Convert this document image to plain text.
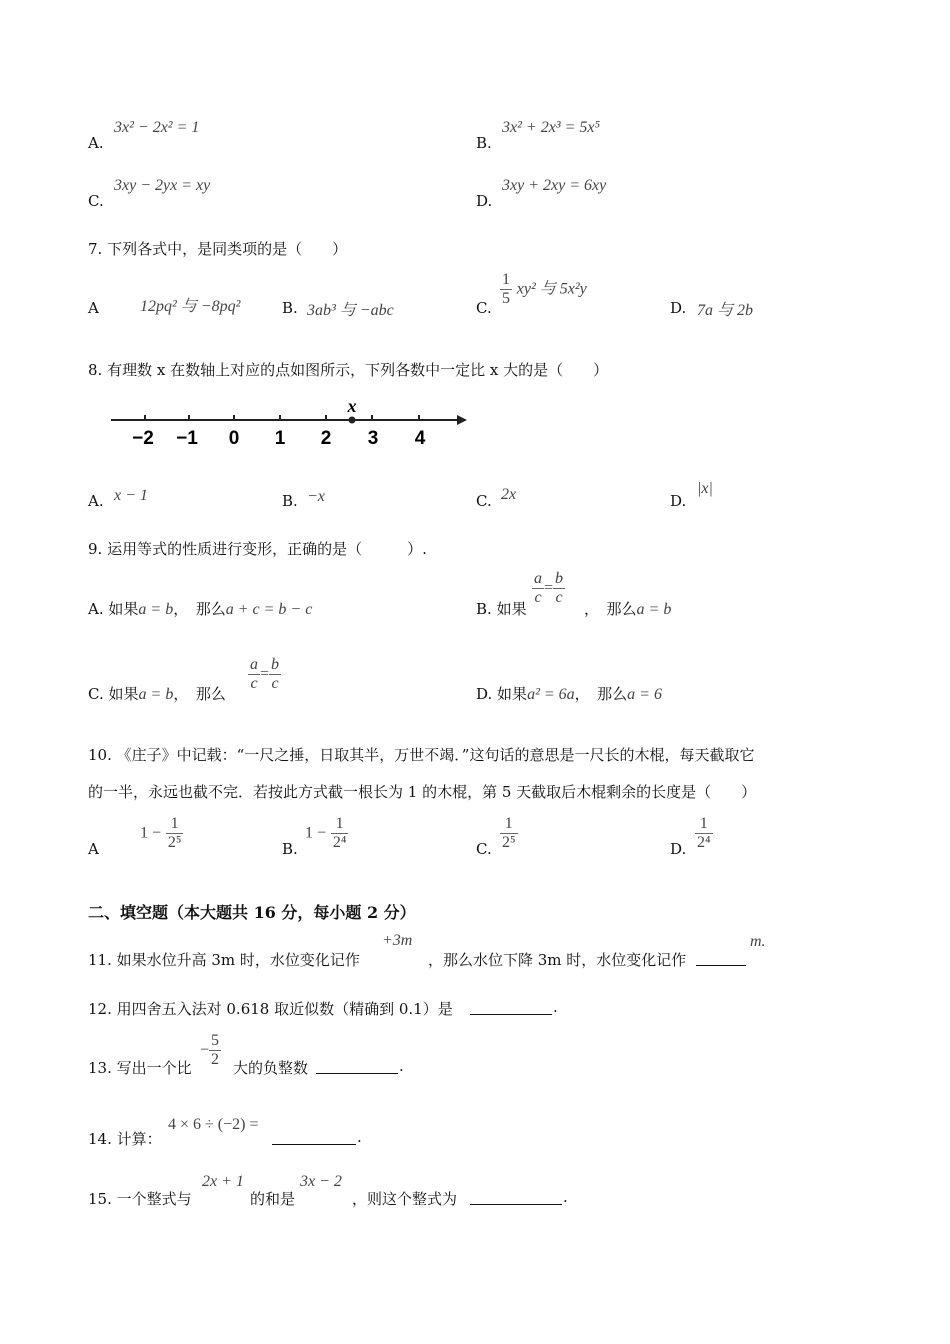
A.
3x² − 2x² = 1
B.
3x² + 2x³ = 5x⁵
C.
3xy − 2yx = xy
D.
3xy + 2xy = 6xy
7. 下列各式中，是同类项的是（　　）
A	12pq² 与 −8pq²	B. 3ab³ 与 −abc	C. $\frac{1}{5} xy^2$ 与 5x²y
D. 7a 与 2b
8. 有理数 x 在数轴上对应的点如图所示，下列各数中一定比 x 大的是（　　）
x
−2 −1 0 1 2 3 4
A. x − 1	B. −x	C. 2x	D.
|x|
9. 运用等式的性质进行变形，正确的是（　　　）.
A. 如果a = b，　那么a + c = b − c	B. 如果
$\frac{a}{c} = \frac{b}{c}$
，　那么a = b
C. 如果a = b，　那么
$\frac{a}{c} = \frac{b}{c}$
D. 如果a² = 6a，　那么a = 6
10. 《庄子》中记载：“一尺之捶，日取其半，万世不竭．”这句话的意思是一尺长的木棍，每天截取它
的一半，永远也截不完．若按此方式截一根长为 1 的木棍，第 5 天截取后木棍剩余的长度是（　　）
A
$1 - \frac{1}{\text{2⁵}}$	B.
$1 - \frac{1}{\text{2⁴}}$	C. $\frac{1}{\text{2⁵}}$	D. $\frac{1}{\text{2⁴}}$
二、填空题（本大题共 16 分，每小题 2 分）
11. 如果水位升高 3m 时，水位变化记作
+3m
，那么水位下降 3m 时，水位变化记作
m.
12. 用四舍五入法对 0.618 取近似数（精确到 0.1）是	.
13. 写出一个比
− $\frac{5}{2}$ 大的负整数	.
14. 计算：
4 × 6 ÷ (−2) =
.
15. 一个整式与
2x + 1
的和是
3x − 2
，则这个整式为	.
